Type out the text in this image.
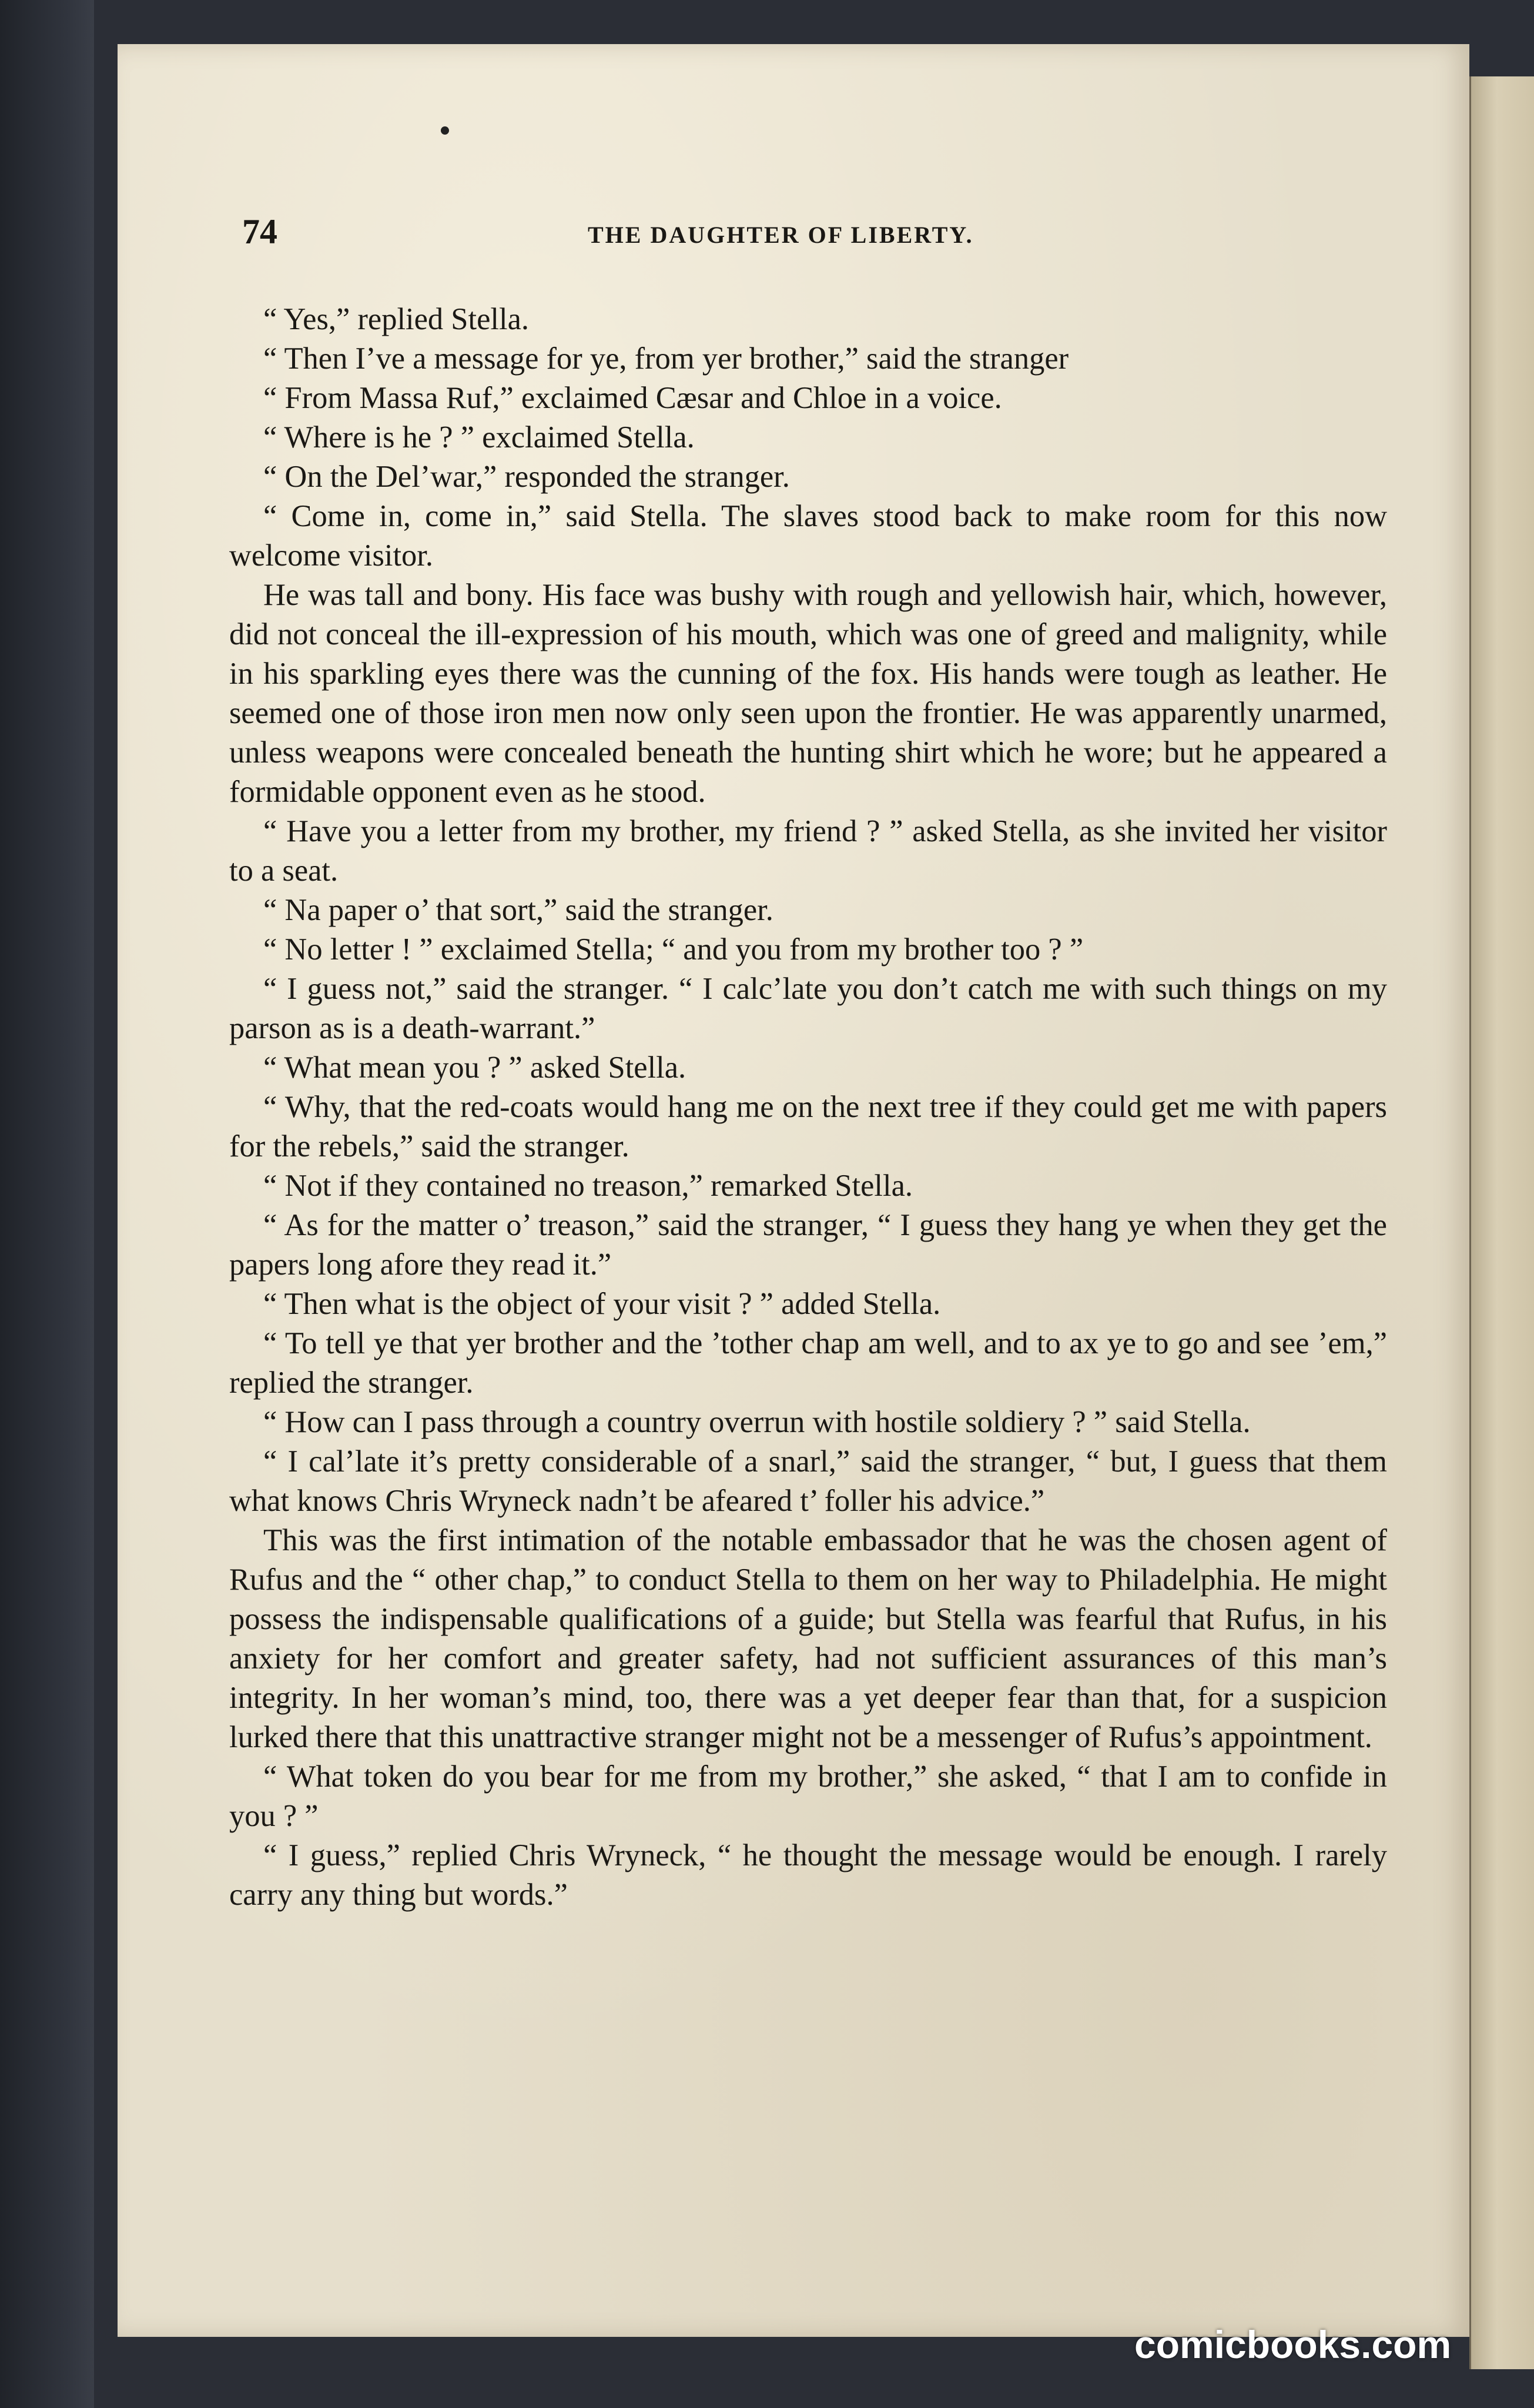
74	THE DAUGHTER OF LIBERTY.

“ Yes,” replied Stella.

“ Then I’ve a message for ye, from yer brother,” said the stranger

“ From Massa Ruf,” exclaimed Cæsar and Chloe in a voice.

“ Where is he ? ” exclaimed Stella.

“ On the Del’war,” responded the stranger.

“ Come in, come in,” said Stella. The slaves stood back to make room for this now welcome visitor.

He was tall and bony. His face was bushy with rough and yellowish hair, which, however, did not conceal the ill-expression of his mouth, which was one of greed and malignity, while in his sparkling eyes there was the cunning of the fox. His hands were tough as leather. He seemed one of those iron men now only seen upon the frontier. He was apparently unarmed, unless weapons were concealed beneath the hunting shirt which he wore; but he appeared a formidable opponent even as he stood.

“ Have you a letter from my brother, my friend ? ” asked Stella, as she invited her visitor to a seat.

“ Na paper o’ that sort,” said the stranger.

“ No letter ! ” exclaimed Stella; “ and you from my brother too ? ”

“ I guess not,” said the stranger. “ I calc’late you don’t catch me with such things on my parson as is a death-warrant.”

“ What mean you ? ” asked Stella.

“ Why, that the red-coats would hang me on the next tree if they could get me with papers for the rebels,” said the stranger.

“ Not if they contained no treason,” remarked Stella.

“ As for the matter o’ treason,” said the stranger, “ I guess they hang ye when they get the papers long afore they read it.”

“ Then what is the object of your visit ? ” added Stella.

“ To tell ye that yer brother and the ’tother chap am well, and to ax ye to go and see ’em,” replied the stranger.

“ How can I pass through a country overrun with hostile soldiery ? ” said Stella.

“ I cal’late it’s pretty considerable of a snarl,” said the stranger, “ but, I guess that them what knows Chris Wryneck nadn’t be afeared t’ foller his advice.”

This was the first intimation of the notable embassador that he was the chosen agent of Rufus and the “ other chap,” to conduct Stella to them on her way to Philadelphia. He might possess the indispensable qualifications of a guide; but Stella was fearful that Rufus, in his anxiety for her comfort and greater safety, had not sufficient assurances of this man’s integrity. In her woman’s mind, too, there was a yet deeper fear than that, for a suspicion lurked there that this unattractive stranger might not be a messenger of Rufus’s appointment.

“ What token do you bear for me from my brother,” she asked, “ that I am to confide in you ? ”

“ I guess,” replied Chris Wryneck, “ he thought the message would be enough. I rarely carry any thing but words.”

comicbooks.com
